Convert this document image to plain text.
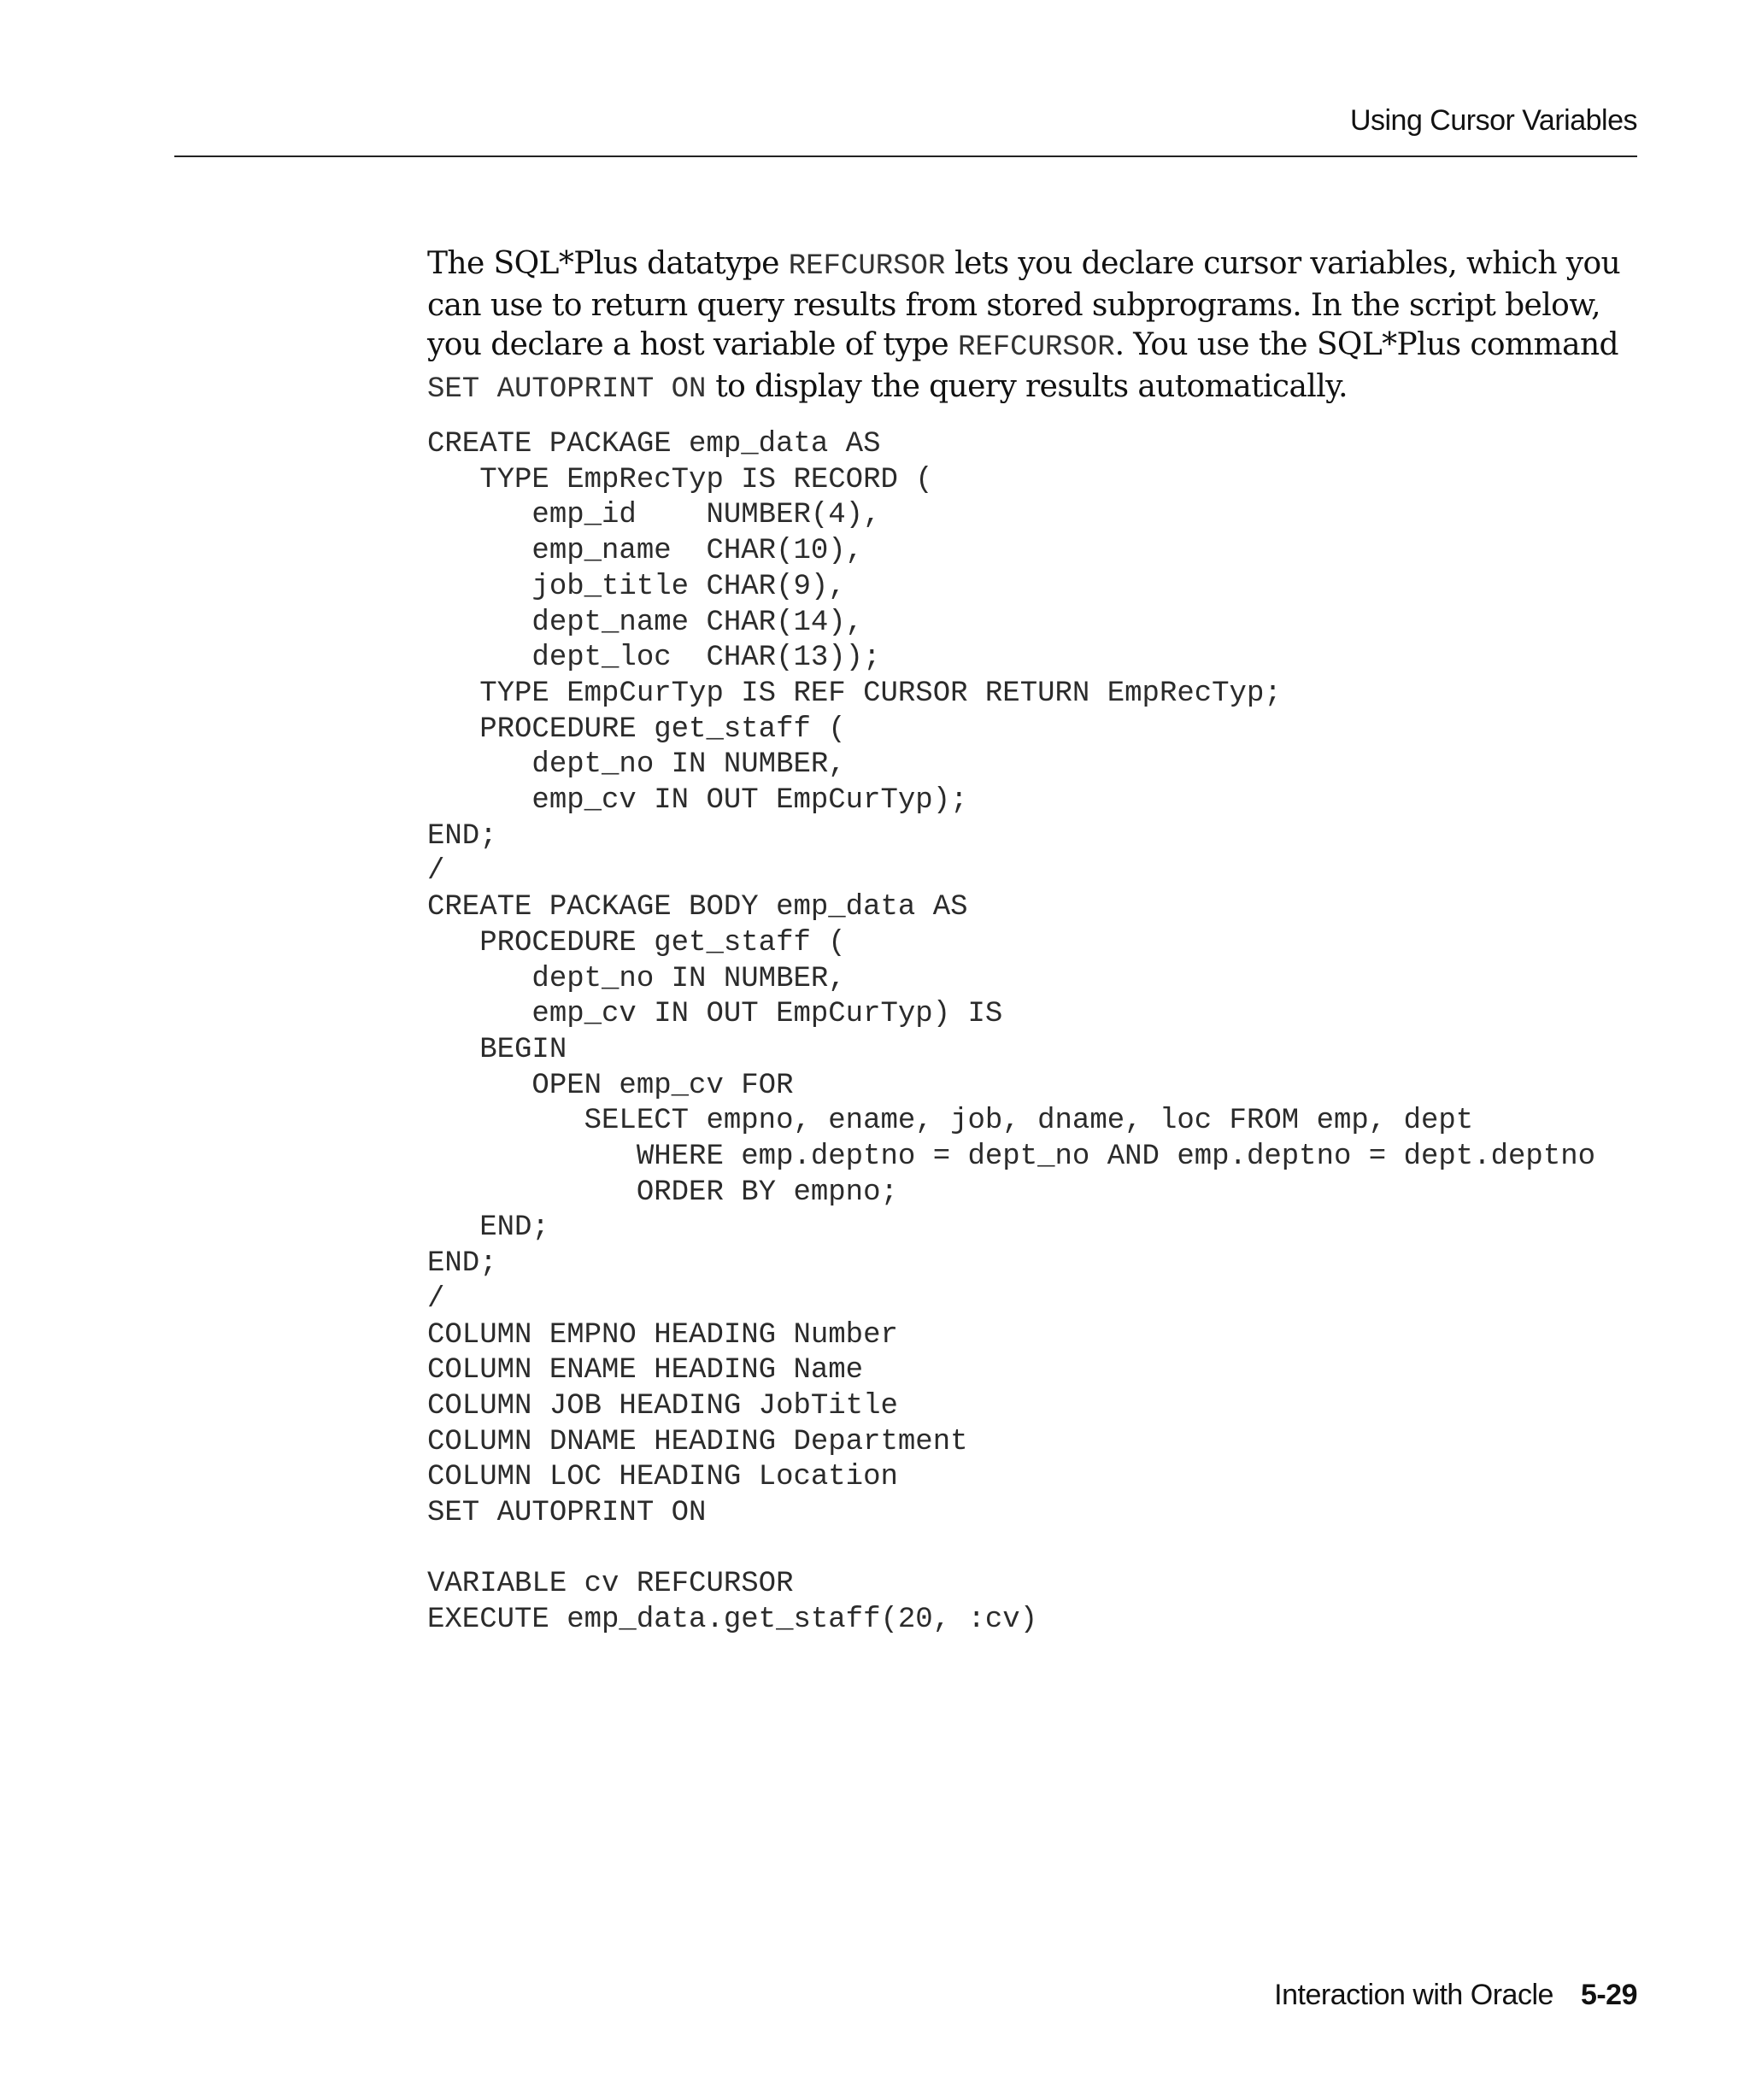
Using Cursor Variables

The SQL*Plus datatype REFCURSOR lets you declare cursor variables, which you can use to return query results from stored subprograms. In the script below, you declare a host variable of type REFCURSOR. You use the SQL*Plus command SET AUTOPRINT ON to display the query results automatically.

CREATE PACKAGE emp_data AS
TYPE EmpRecTyp IS RECORD (
emp_id    NUMBER(4),
emp_name  CHAR(10),
job_title CHAR(9),
dept_name CHAR(14),
dept_loc  CHAR(13));
TYPE EmpCurTyp IS REF CURSOR RETURN EmpRecTyp;
PROCEDURE get_staff (
dept_no IN NUMBER,
emp_cv IN OUT EmpCurTyp);
END;
/
CREATE PACKAGE BODY emp_data AS
PROCEDURE get_staff (
dept_no IN NUMBER,
emp_cv IN OUT EmpCurTyp) IS
BEGIN
OPEN emp_cv FOR
SELECT empno, ename, job, dname, loc FROM emp, dept
WHERE emp.deptno = dept_no AND emp.deptno = dept.deptno
ORDER BY empno;
END;
END;
/
COLUMN EMPNO HEADING Number
COLUMN ENAME HEADING Name
COLUMN JOB HEADING JobTitle
COLUMN DNAME HEADING Department
COLUMN LOC HEADING Location
SET AUTOPRINT ON
VARIABLE cv REFCURSOR
EXECUTE emp_data.get_staff(20, :cv)
Interaction with Oracle 5-29
